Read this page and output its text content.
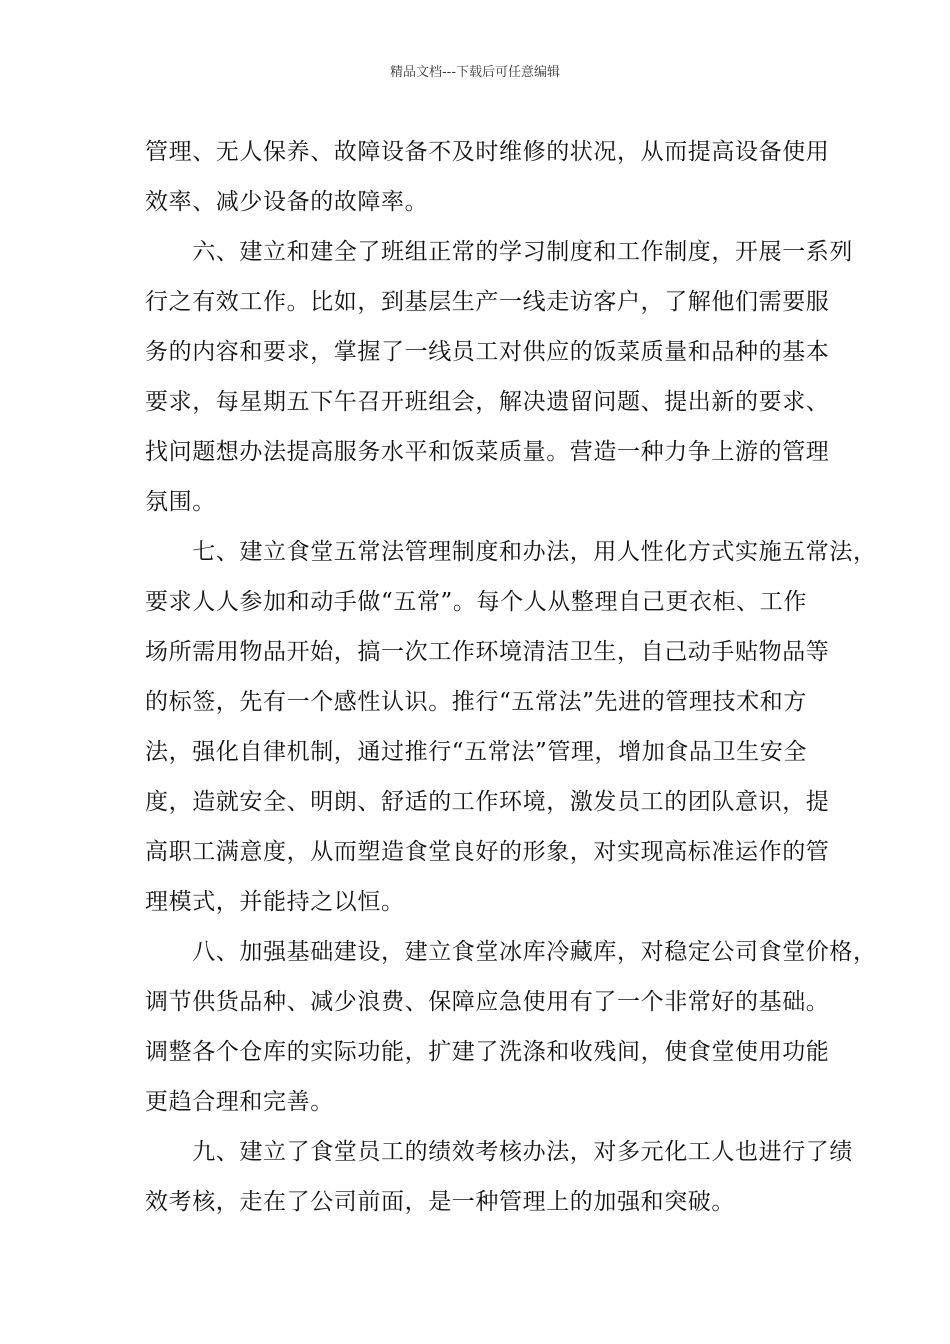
精品文档---下载后可任意编辑

管理、无人保养、故障设备不及时维修的状况，从而提高设备使用
效率、减少设备的故障率。

　　六、建立和建全了班组正常的学习制度和工作制度，开展一系列
行之有效工作。比如，到基层生产一线走访客户，了解他们需要服
务的内容和要求，掌握了一线员工对供应的饭菜质量和品种的基本
要求，每星期五下午召开班组会，解决遗留问题、提出新的要求、
找问题想办法提高服务水平和饭菜质量。营造一种力争上游的管理
氛围。

　　七、建立食堂五常法管理制度和办法，用人性化方式实施五常法，
要求人人参加和动手做“五常”。每个人从整理自己更衣柜、工作
场所需用物品开始，搞一次工作环境清洁卫生，自己动手贴物品等
的标签，先有一个感性认识。推行“五常法”先进的管理技术和方
法，强化自律机制，通过推行“五常法”管理，增加食品卫生安全
度，造就安全、明朗、舒适的工作环境，激发员工的团队意识，提
高职工满意度，从而塑造食堂良好的形象，对实现高标准运作的管
理模式，并能持之以恒。

　　八、加强基础建设，建立食堂冰库冷藏库，对稳定公司食堂价格，
调节供货品种、减少浪费、保障应急使用有了一个非常好的基础。
调整各个仓库的实际功能，扩建了洗涤和收残间，使食堂使用功能
更趋合理和完善。

　　九、建立了食堂员工的绩效考核办法，对多元化工人也进行了绩
效考核，走在了公司前面，是一种管理上的加强和突破。
